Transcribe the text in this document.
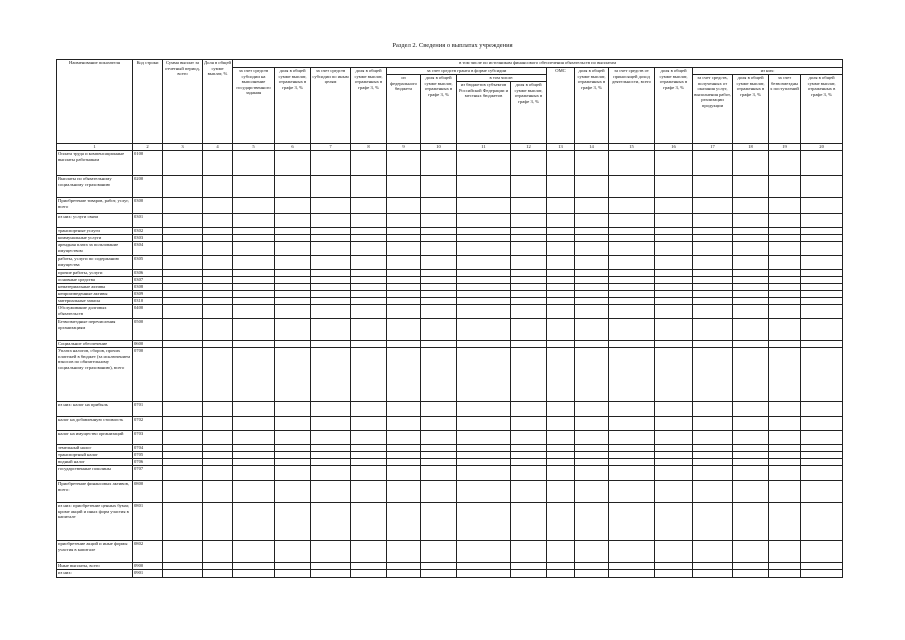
Раздел 2. Сведения о выплатах учреждения
Наименование показателя	Код строки	Сумма выплат за отчетный период, всего	Доля в общей сумме выплат, %	в том числе по источникам финансового обеспечения обязательств по выплатам															
				за счет средств субсидии на выполнение государственного задания	доля в общей сумме выплат, отраженных в графе 3, %	за счет средств субсидии по иным целям	доля в общей сумме выплат, отраженных в графе 3, %	за счет средств гранта в форме субсидии				ОМС	доля в общей сумме выплат, отраженных в графе 3, %	за счет средств от приносящей доход деятельности, всего	доля в общей сумме выплат, отраженных в графе 3, %	из них:			
								из федерального бюджета	доля в общей сумме выплат, отраженных в графе 3, %	в том числе:						за счет средств, полученных от оказания услуг, выполнения работ, реализации продукции	доля в общей сумме выплат, отраженных в графе 3, %	за счет безвозмездных поступлений	доля в общей сумме выплат, отраженных в графе 3, %
										из бюджетов субъектов Российской Федерации и местных бюджетов	доля в общей сумме выплат, отраженных в графе 3, %								
1	2	3	4	5	6	7	8	9	10	11	12	13	14	15	16	17	18	19	20
Оплата труда и компенсационные выплаты работникам	0100																		
Выплаты по обязательному социальному страхованию	0200																		
Приобретение товаров, работ, услуг, всего	0300																		
из них: услуги связи	0301																		
транспортные услуги	0302																		
коммунальные услуги	0303																		
арендная плата за пользование имуществом	0304																		
работы, услуги по содержанию имущества	0305																		
прочие работы, услуги	0306																		
основные средства	0307																		
нематериальные активы	0308																		
непроизведенные активы	0309																		
материальные запасы	0310																		
Обслуживание долговых обязательств	0400																		
Безвозмездные перечисления организациям	0500																		
Социальное обеспечение	0600																		
Уплата налогов, сборов, прочих платежей в бюджет (за исключением взносов по обязательному социальному страхованию), всего	0700																		
из них: налог на прибыль	0701																		
налог на добавленную стоимость	0702																		
налог на имущество организаций	0703																		
земельный налог	0704																		
транспортный налог	0705																		
водный налог	0706																		
государственные пошлины	0707																		
Приобретение финансовых активов, всего:	0800																		
из них: приобретение ценных бумаг, кроме акций и иных форм участия в капитале	0801																		
приобретение акций и иные формы участия в капитале	0802																		
Иные выплаты, всего	0900																		
из них:	0901																		
